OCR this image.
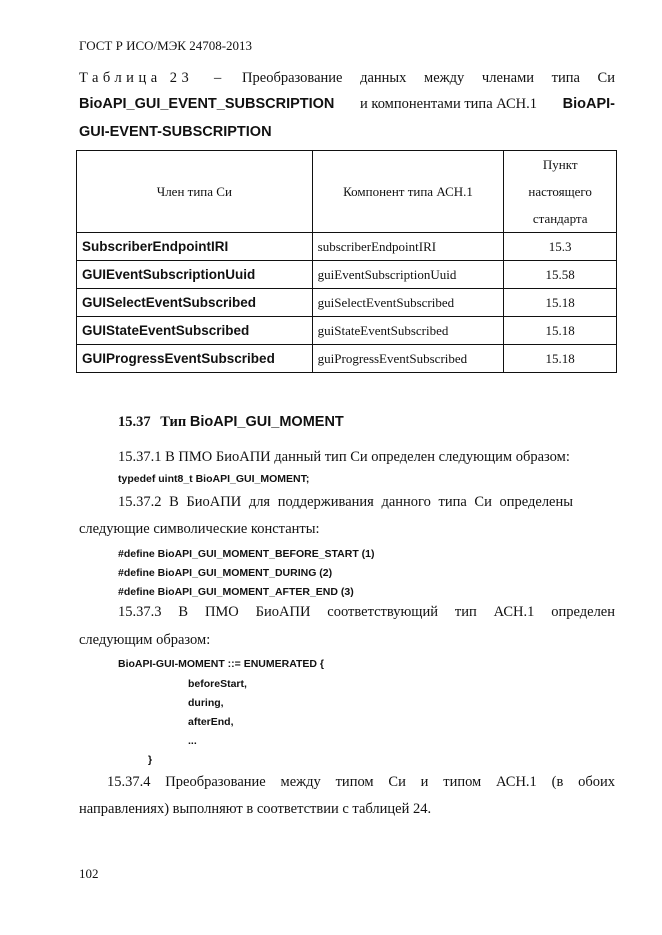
ГОСТ Р ИСО/МЭК 24708-2013
Таблица 23 – Преобразование данных между членами типа Си
BioAPI_GUI_EVENT_SUBSCRIPTION и компонентами типа АСН.1 BioAPI-
GUI-EVENT-SUBSCRIPTION
Член типа Си	Компонент типа АСН.1	Пункт
настоящего
стандарта

SubscriberEndpointIRI	subscriberEndpointIRI	15.3
GUIEventSubscriptionUuid	guiEventSubscriptionUuid	15.58
GUISelectEventSubscribed	guiSelectEventSubscribed	15.18
GUIStateEventSubscribed	guiStateEventSubscribed	15.18
GUIProgressEventSubscribed	guiProgressEventSubscribed	15.18
15.37 Тип BioAPI_GUI_MOMENT
15.37.1 В ПМО БиоАПИ данный тип Си определен следующим образом:
typedef uint8_t BioAPI_GUI_MOMENT;
15.37.2 В БиоАПИ для поддерживания данного типа Си определены
следующие символические константы:
#define BioAPI_GUI_MOMENT_BEFORE_START (1)
#define BioAPI_GUI_MOMENT_DURING (2)
#define BioAPI_GUI_MOMENT_AFTER_END (3)
15.37.3 В ПМО БиоАПИ соответствующий тип АСН.1 определен
следующим образом:
BioAPI-GUI-MOMENT ::= ENUMERATED {
beforeStart,
during,
afterEnd,
...
}
15.37.4 Преобразование между типом Си и типом АСН.1 (в обоих
направлениях) выполняют в соответствии с таблицей 24.
102
